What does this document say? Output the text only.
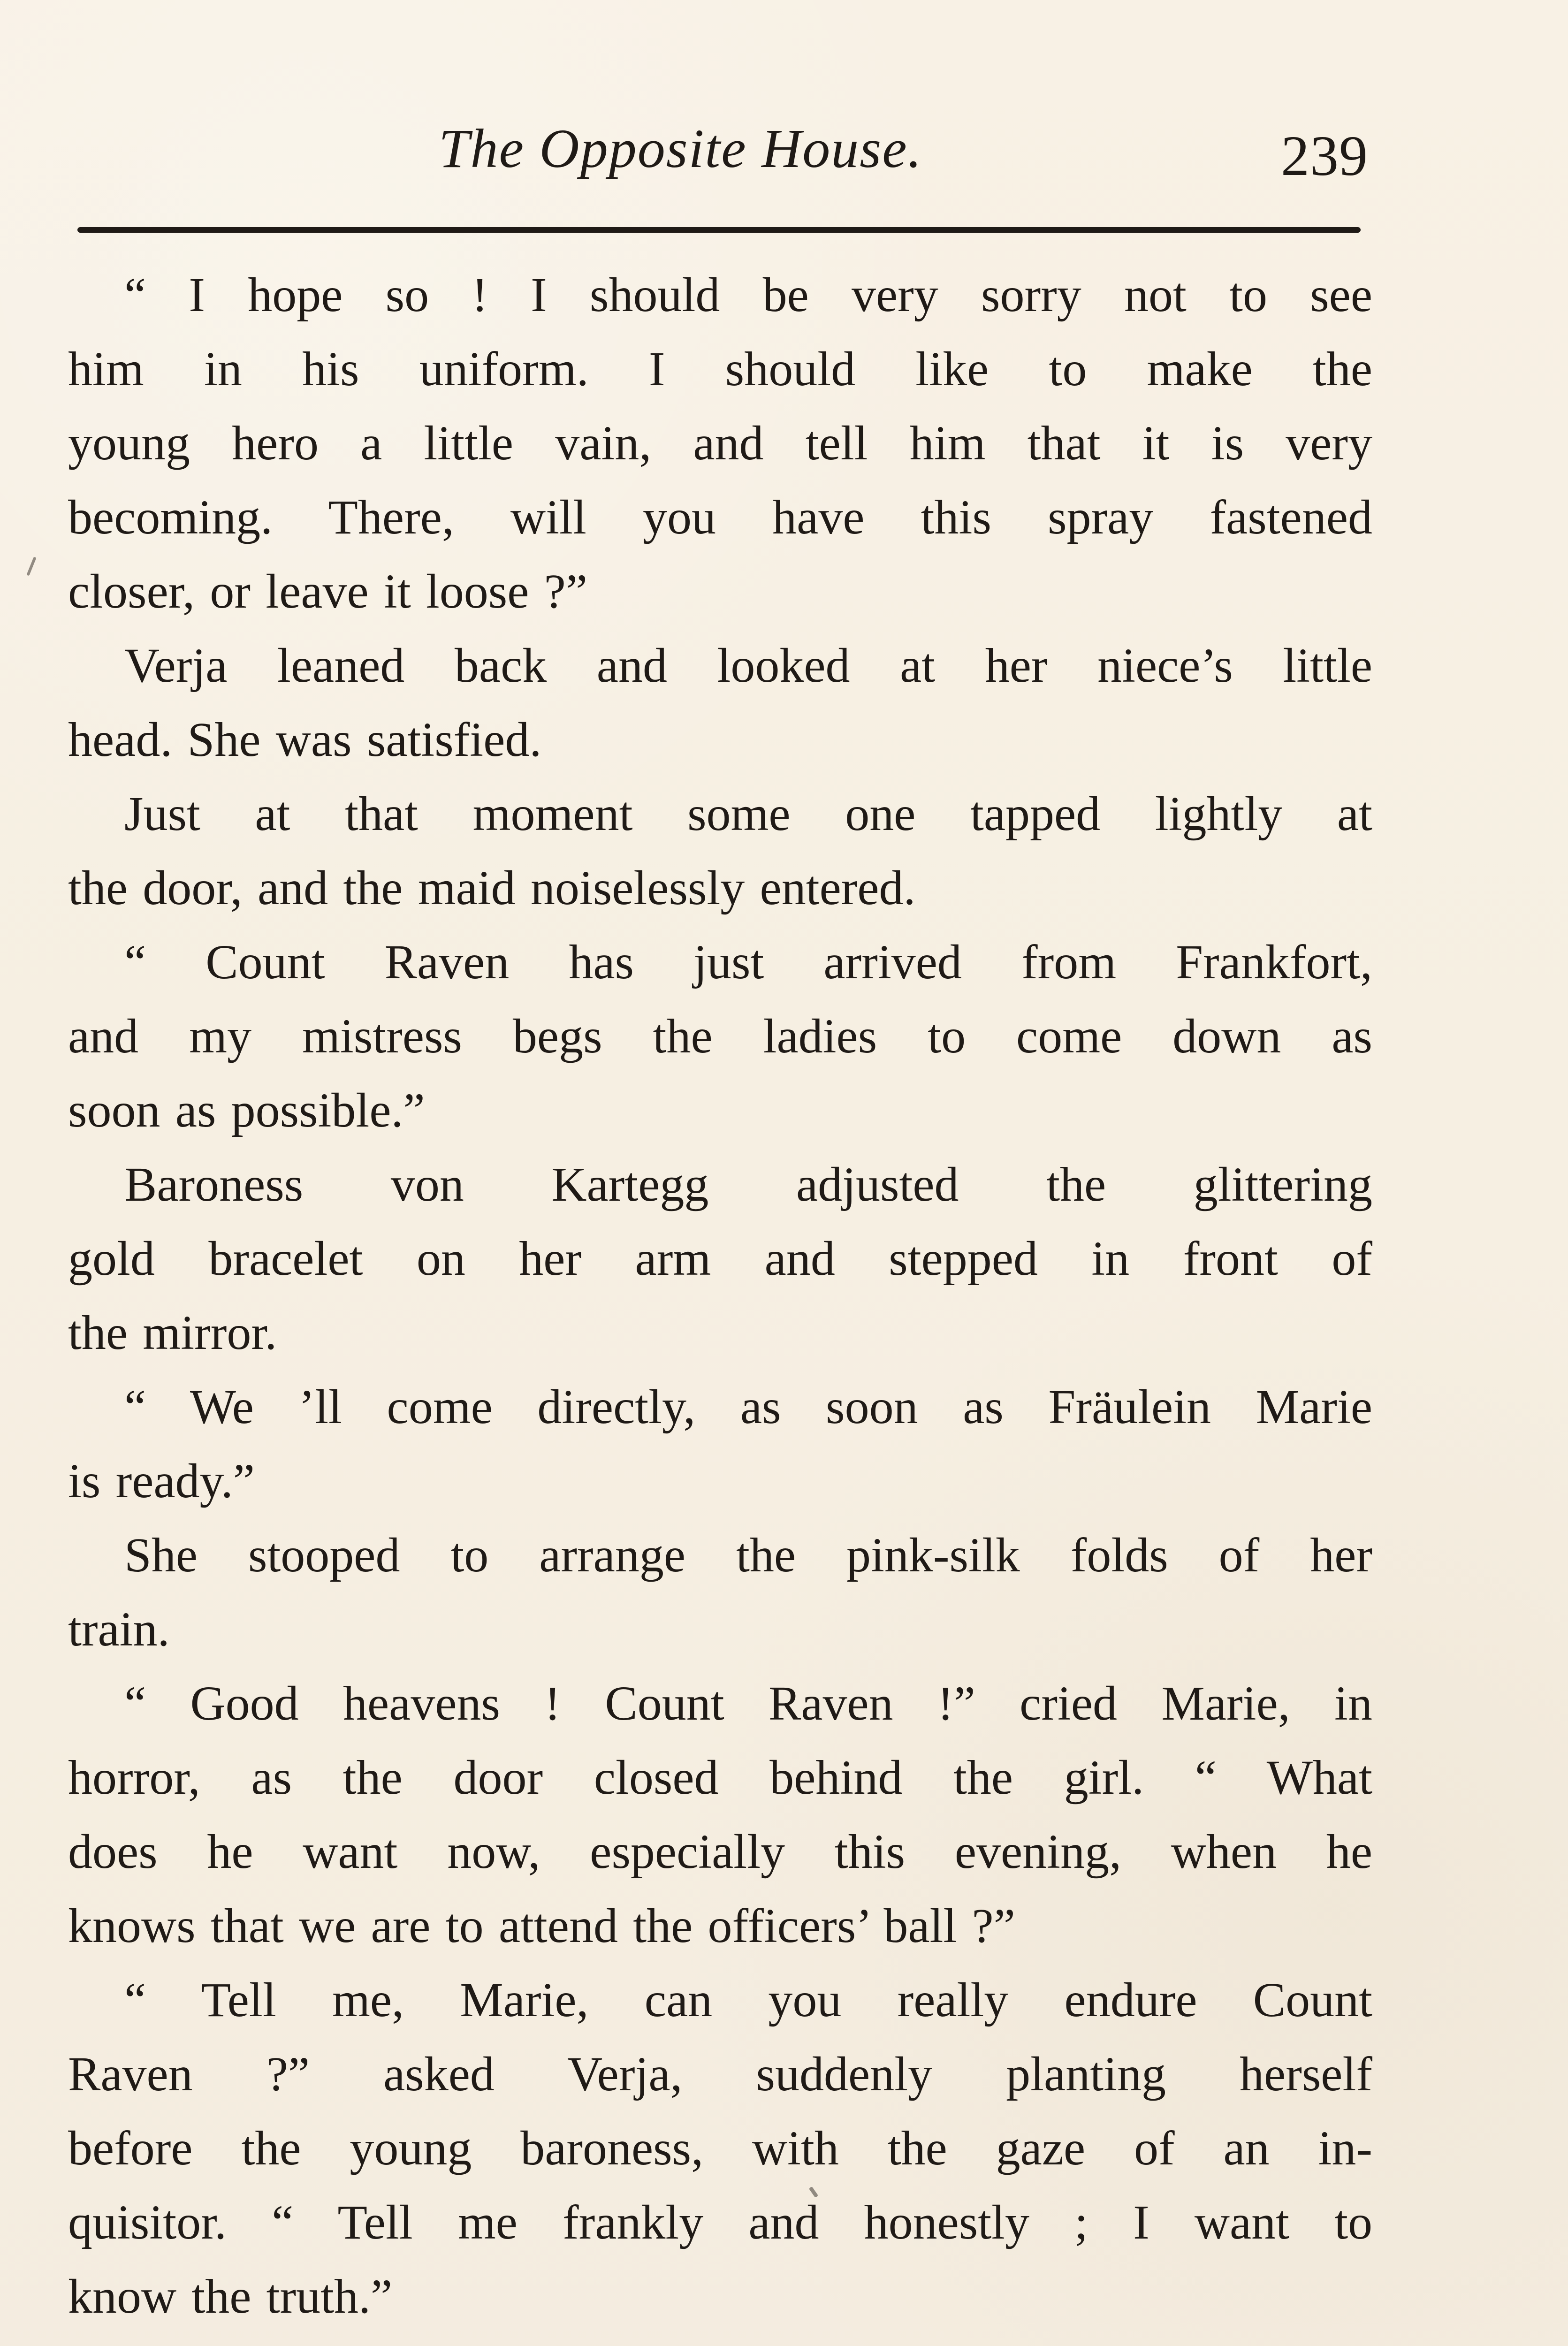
The Opposite House.	239
“ I hope so ! I should be very sorry not to see
him in his uniform. I should like to make the
young hero a little vain, and tell him that it is very
becoming. There, will you have this spray fastened
closer, or leave it loose ?”
Verja leaned back and looked at her niece’s little
head. She was satisfied.
Just at that moment some one tapped lightly at
the door, and the maid noiselessly entered.
“ Count Raven has just arrived from Frankfort,
and my mistress begs the ladies to come down as
soon as possible.”
Baroness von Kartegg adjusted the glittering
gold bracelet on her arm and stepped in front of
the mirror.
“ We ’ll come directly, as soon as Fräulein Marie
is ready.”
She stooped to arrange the pink-silk folds of her
train.
“ Good heavens ! Count Raven !” cried Marie, in
horror, as the door closed behind the girl. “ What
does he want now, especially this evening, when he
knows that we are to attend the officers’ ball ?”
“ Tell me, Marie, can you really endure Count
Raven ?” asked Verja, suddenly planting herself
before the young baroness, with the gaze of an in-
quisitor. “ Tell me frankly and honestly ; I want to
know the truth.”
